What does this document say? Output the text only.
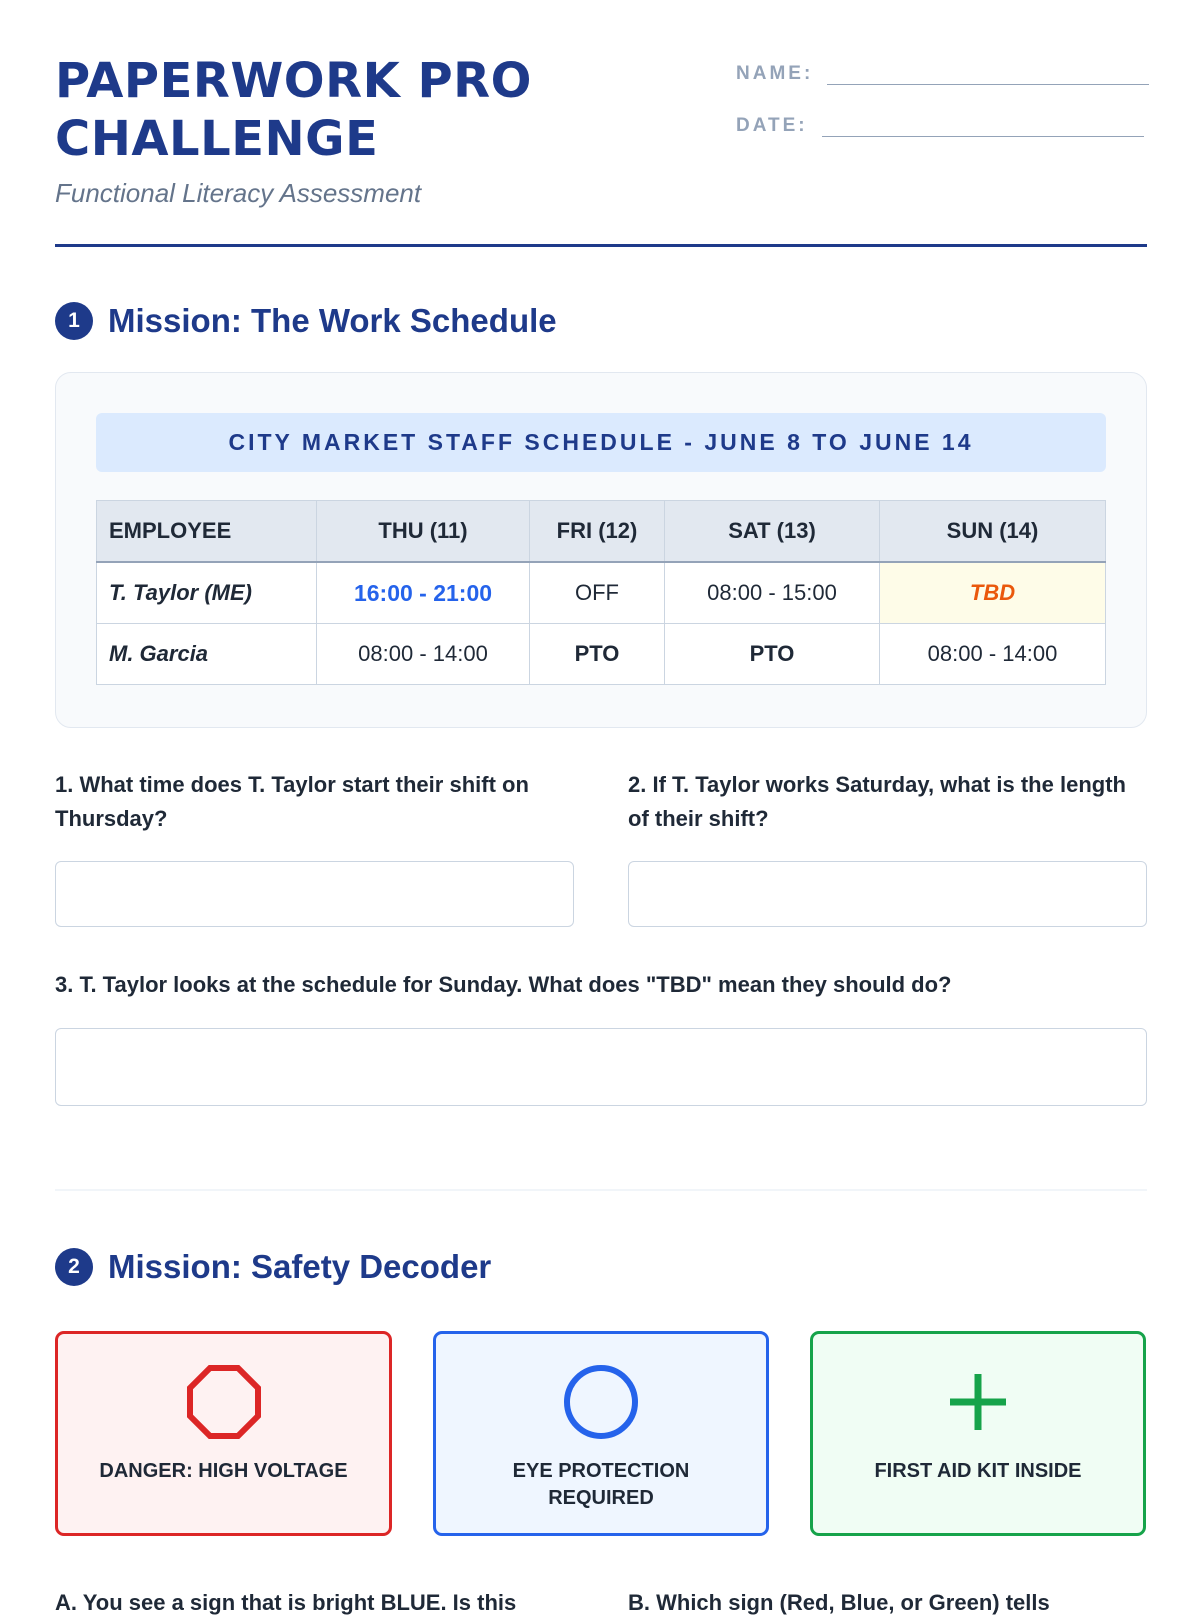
PAPERWORK PRO
CHALLENGE
Functional Literacy Assessment
NAME:
DATE:
1 Mission: The Work Schedule
CITY MARKET STAFF SCHEDULE - JUNE 8 TO JUNE 14
EMPLOYEE	THU (11)	FRI (12)	SAT (13)	SUN (14)
T. Taylor (ME)	16:00 - 21:00	OFF	08:00 - 15:00	TBD
M. Garcia	08:00 - 14:00	PTO	PTO	08:00 - 14:00

1. What time does T. Taylor start their shift on Thursday?

2. If T. Taylor works Saturday, what is the length of their shift?

3. T. Taylor looks at the schedule for Sunday. What does "TBD" mean they should do?

2 Mission: Safety Decoder
DANGER: HIGH VOLTAGE	EYE PROTECTION REQUIRED
FIRST AID KIT INSIDE
A. You see a sign that is bright BLUE. Is this	B. Which sign (Red, Blue, or Green) tells
